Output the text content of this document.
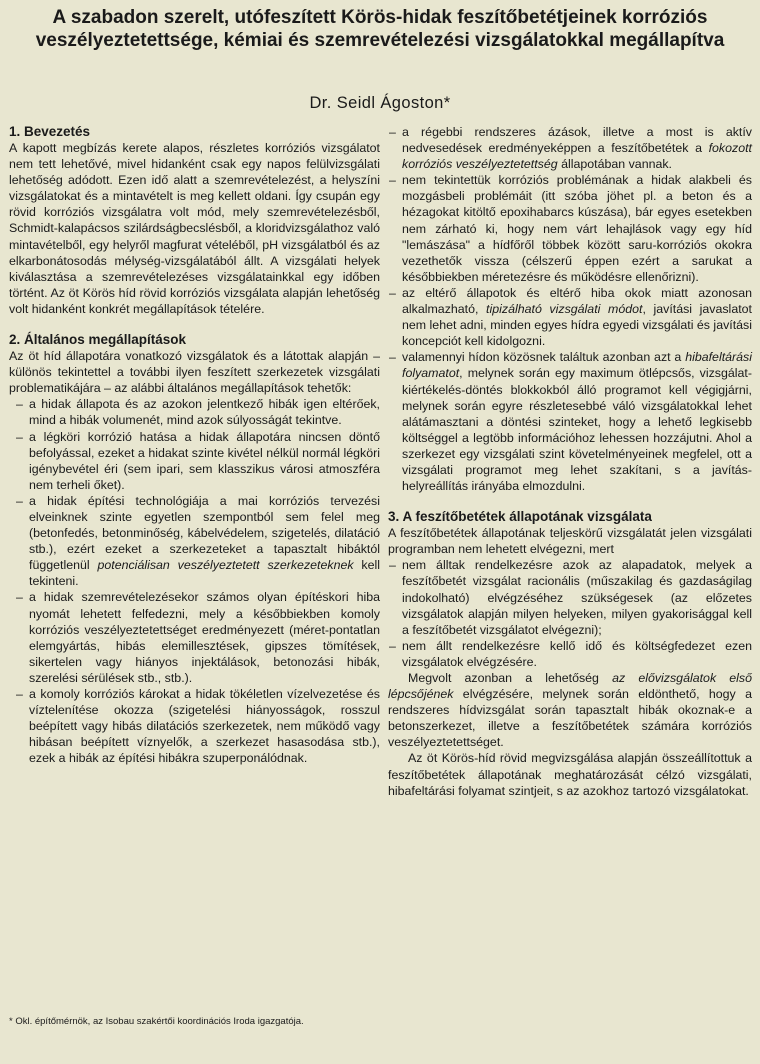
A szabadon szerelt, utófeszített Körös-hidak feszítőbetétjeinek korróziós veszélyeztetettsége, kémiai és szemrevételezési vizsgálatokkal megállapítva
Dr. Seidl Ágoston*
1. Bevezetés

A kapott megbízás kerete alapos, részletes korróziós vizsgálatot nem tett lehetővé, mivel hidanként csak egy napos felülvizsgálati lehetőség adódott. Ezen idő alatt a szemrevételezést, a helyszíni vizsgálatokat és a mintavételt is meg kellett oldani. Így csupán egy rövid korróziós vizsgálatra volt mód, mely szemrevételezésből, Schmidt-kalapácsos szilárdságbecslésből, a kloridvizsgálathoz való mintavételből, egy helyről magfurat vételéből, pH vizsgálatból és az elkarbonátosodás mélység-vizsgálatából állt. A vizsgálati helyek kiválasztása a szemrevételezéses vizsgálatainkkal egy időben történt. Az öt Körös híd rövid korróziós vizsgálata alapján lehetőség volt hidanként konkrét megállapítások tételére.

2. Általános megállapítások

Az öt híd állapotára vonatkozó vizsgálatok és a látottak alapján – különös tekintettel a további ilyen feszített szerkezetek vizsgálati problematikájára – az alábbi általános megállapítások tehetők:

– a hidak állapota és az azokon jelentkező hibák igen eltérőek, mind a hibák volumenét, mind azok súlyosságát tekintve.
– a légköri korrózió hatása a hidak állapotára nincsen döntő befolyással, ezeket a hidakat szinte kivétel nélkül normál légköri igénybevétel éri (sem ipari, sem klasszikus városi atmoszféra nem terheli őket).
– a hidak építési technológiája a mai korróziós tervezési elveinknek szinte egyetlen szempontból sem felel meg (betonfedés, betonminőség, kábelvédelem, szigetelés, dilatáció stb.), ezért ezeket a szerkezeteket a tapasztalt hibáktól függetlenül potenciálisan veszélyeztetett szerkezeteknek kell tekinteni.
– a hidak szemrevételezésekor számos olyan építéskori hiba nyomát lehetett felfedezni, mely a későbbiekben komoly korróziós veszélyeztetettséget eredményezett (méret-pontatlan elemgyártás, hibás elemillesztések, gipszes tömítések, sikertelen vagy hiányos injektálások, betonozási hibák, szerelési sérülések stb., stb.).
– a komoly korróziós károkat a hidak tökéletlen vízelvezetése és víztelenítése okozza (szigetelési hiányosságok, rosszul beépített vagy hibás dilatációs szerkezetek, nem működő vagy hibásan beépített víznyelők, a szerkezet hasasodása stb.), ezek a hibák az építési hibákra szuperponálódnak.
– a régebbi rendszeres ázások, illetve a most is aktív nedvesedések eredményeképpen a feszítőbetétek a fokozott korróziós veszélyeztetettség állapotában vannak.
– nem tekintettük korróziós problémának a hidak alakbeli és mozgásbeli problémáit (itt szóba jöhet pl. a beton és a hézagokat kitöltő epoxihabarcs kúszása), bár egyes esetekben nem zárható ki, hogy nem várt lehajlások vagy egy híd "lemászása" a hídfőről többek között saru-korróziós okokra vezethetők vissza (célszerű éppen ezért a sarukat a későbbiekben méretezésre és működésre ellenőrizni).
– az eltérő állapotok és eltérő hiba okok miatt azonosan alkalmazható, tipizálható vizsgálati módot, javítási javaslatot nem lehet adni, minden egyes hídra egyedi vizsgálati és javítási koncepciót kell kidolgozni.
– valamennyi hídon közösnek találtuk azonban azt a hibafeltárási folyamatot, melynek során egy maximum ötlépcsős, vizsgálat-kiértékelés-döntés blokkokból álló programot kell végigjárni, melynek során egyre részletesebbé váló vizsgálatokkal lehet alátámasztani a döntési szinteket, hogy a lehető legkisebb költséggel a legtöbb információhoz lehessen hozzájutni. Ahol a szerkezet egy vizsgálati szint követelményeinek megfelel, ott a vizsgálati programot meg lehet szakítani, s a javítás-helyreállítás irányába elmozdulni.
3. A feszítőbetétek állapotának vizsgálata

A feszítőbetétek állapotának teljeskörű vizsgálatát jelen vizsgálati programban nem lehetett elvégezni, mert

– nem álltak rendelkezésre azok az alapadatok, melyek a feszítőbetét vizsgálat racionális (műszakilag és gazdaságilag indokolható) elvégzéséhez szükségesek (az előzetes vizsgálatok alapján milyen helyeken, milyen gyakorisággal kell a feszítőbetét vizsgálatot elvégezni);
– nem állt rendelkezésre kellő idő és költségfedezet ezen vizsgálatok elvégzésére.

Megvolt azonban a lehetőség az elővizsgálatok első lépcsőjének elvégzésére, melynek során eldönthető, hogy a rendszeres hídvizsgálat során tapasztalt hibák okoznak-e a betonszerkezet, illetve a feszítőbetétek számára korróziós veszélyeztetettséget.

Az öt Körös-híd rövid megvizsgálása alapján összeállítottuk a feszítőbetétek állapotának meghatározását célzó vizsgálati, hibafeltárási folyamat szintjeit, s az azokhoz tartozó vizsgálatokat.

* Okl. építőmérnök, az Isobau szakértői koordinációs Iroda igazgatója.
